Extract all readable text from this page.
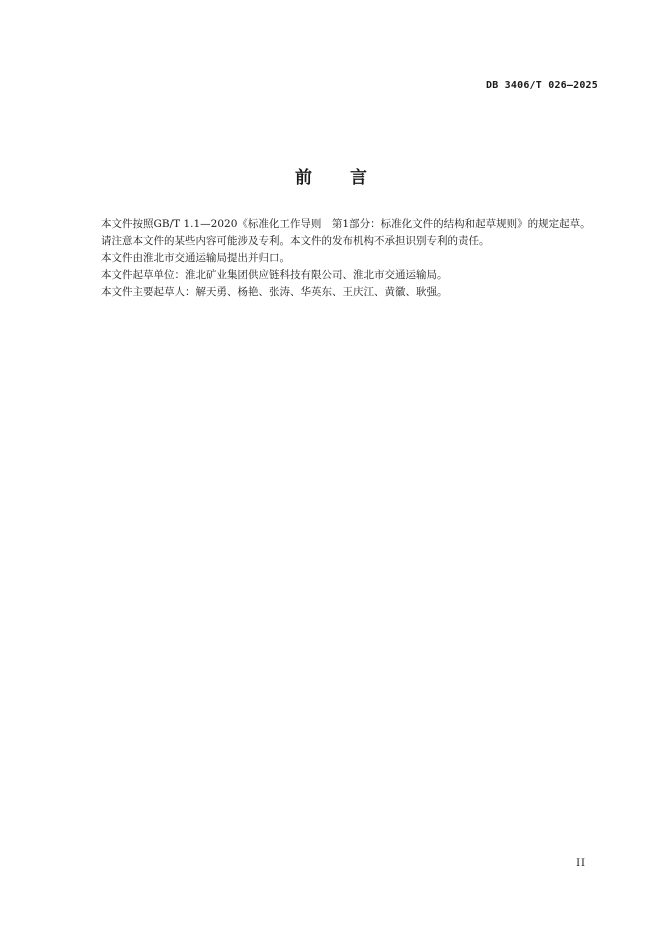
DB 3406/T 026—2025
前言

本文件按照GB/T 1.1—2020《标准化工作导则　第1部分：标准化文件的结构和起草规则》的规定起草。

请注意本文件的某些内容可能涉及专利。本文件的发布机构不承担识别专利的责任。

本文件由淮北市交通运输局提出并归口。

本文件起草单位：淮北矿业集团供应链科技有限公司、淮北市交通运输局。

本文件主要起草人：解天勇、杨艳、张涛、华英东、王庆江、黄徽、耿强。

II
